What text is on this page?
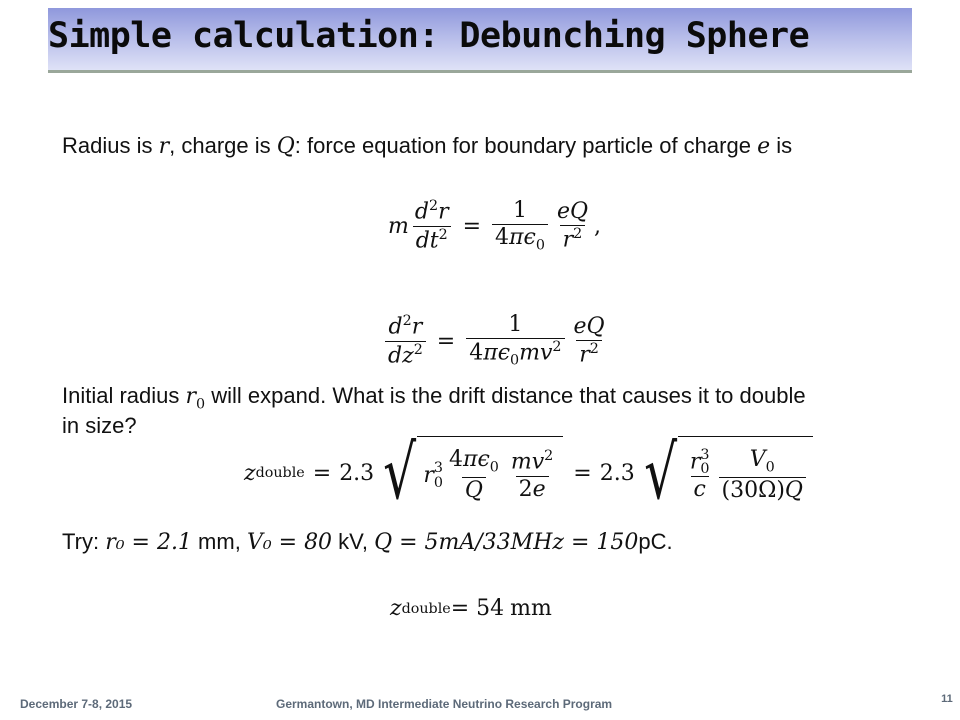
Simple calculation: Debunching Sphere
Radius is r, charge is Q: force equation for boundary particle of charge e is
m $\frac{d^2r}{dt^2} = \frac{1}{4\pi\epsilon_0} \frac{eQ}{r^2}$ ,
$\frac{d^2r}{dz^2} = \frac{1}{4\pi\epsilon_0mv^2} \frac{eQ}{r^2}$
Initial radius $r_0$ will expand. What is the drift distance that causes it to double
in size?
z double = 2.3 √ r 3
$0 \frac{4\pi\epsilon_0}{Q} \frac{mv^2}{2e} = 2.3$ √ r 3
0
c $\frac{V_0}{(30\Omega)Q}$
Try: r₀ = 2.1 mm, V₀ = 80 kV, Q = 5mA/33MHz = 150pC.
z double = 54 mm
December 7-8, 2015	Germantown, MD Intermediate Neutrino Research Program	11
